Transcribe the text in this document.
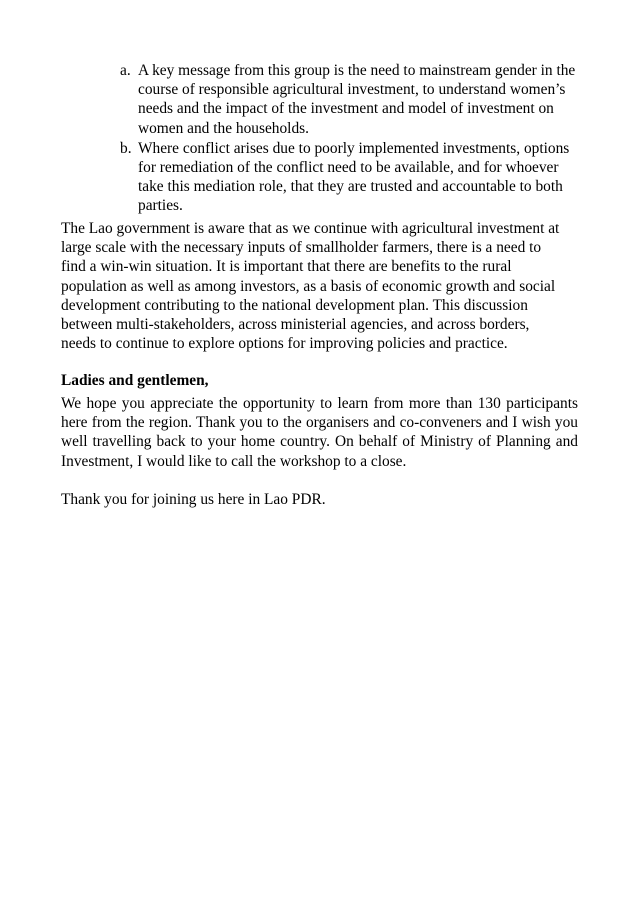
a. A key message from this group is the need to mainstream gender in the course of responsible agricultural investment, to understand women’s needs and the impact of the investment and model of investment on women and the households.
b. Where conflict arises due to poorly implemented investments, options for remediation of the conflict need to be available, and for whoever take this mediation role, that they are trusted and accountable to both parties.

The Lao government is aware that as we continue with agricultural investment at large scale with the necessary inputs of smallholder farmers, there is a need to find a win-win situation. It is important that there are benefits to the rural population as well as among investors, as a basis of economic growth and social development contributing to the national development plan. This discussion between multi-stakeholders, across ministerial agencies, and across borders, needs to continue to explore options for improving policies and practice.

Ladies and gentlemen,

We hope you appreciate the opportunity to learn from more than 130 participants here from the region. Thank you to the organisers and co-conveners and I wish you well travelling back to your home country. On behalf of Ministry of Planning and Investment, I would like to call the workshop to a close.

Thank you for joining us here in Lao PDR.
